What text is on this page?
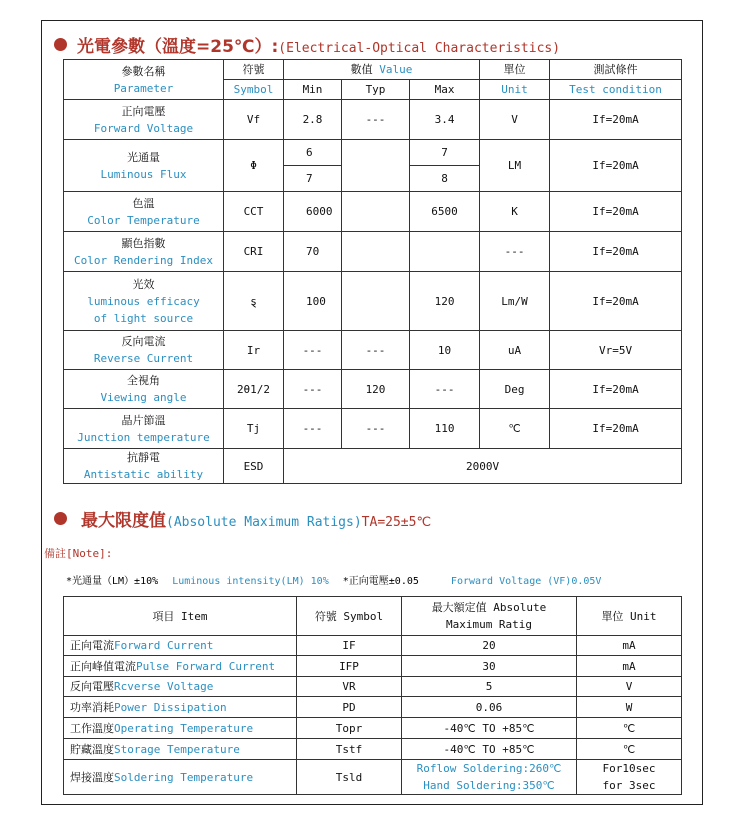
光電參數（溫度=25℃）: (Electrical-Optical Characteristics)
參數名稱
Parameter	符號	數值 Value			單位	測試條件

	Symbol	Min	Typ	Max	Unit	Test condition

正向電壓
Forward Voltage	Vf	2.8	---	3.4	V	If=20mA

光通量
Luminous Flux	Φ	6		7	LM	If=20mA
		7		8		

色溫
Color Temperature	CCT	6000		6500	K	If=20mA

顯色指數
Color Rendering Index	CRI	70			---	If=20mA

光效
luminous efficacy
of light source	ȿ	100		120	Lm/W	If=20mA

反向電流
Reverse Current	Ir	---	---	10	uA	Vr=5V

全視角
Viewing angle	2θ1/2	---	120	---	Deg	If=20mA

晶片節溫
Junction temperature	Tj	---	---	110	℃	If=20mA

抗靜電
Antistatic ability	ESD	2000V				
最大限度值 (Absolute Maximum Ratigs) TA=25±5℃
備註[Note]:
*光通量（LM）±10% Luminous intensity(LM) 10% *正向電壓±0.05	Forward Voltage (VF)0.05V
項目 Item	符號 Symbol	最大額定值 Absolute
Maximum Ratig	單位 Unit
正向電流Forward Current	IF	20	mA
正向峰值電流Pulse Forward Current	IFP	30	mA
反向電壓Rcverse Voltage	VR	5	V
功率消耗Power Dissipation	PD	0.06	W
工作溫度Operating Temperature	Topr	-40℃ TO +85℃	℃
貯藏溫度Storage Temperature	Tstf	-40℃ TO +85℃	℃
焊接溫度Soldering Temperature	Tsld	Roflow Soldering:260℃
Hand Soldering:350℃	For10sec
for 3sec
